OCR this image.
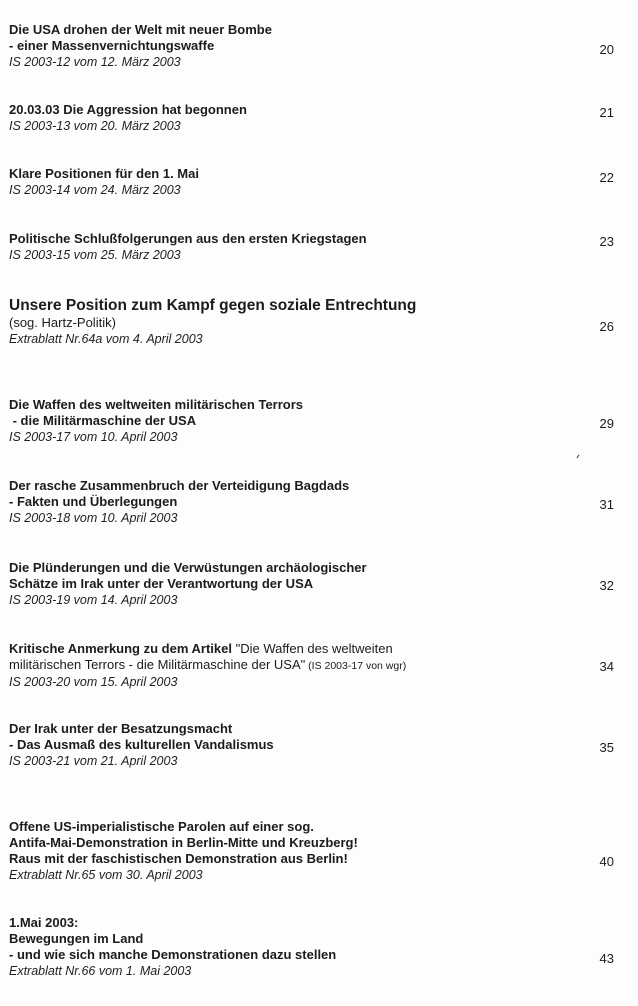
Die USA drohen der Welt mit neuer Bombe
- einer Massenvernichtungswaffe
IS 2003-12 vom 12. März 2003
20
20.03.03 Die Aggression hat begonnen
IS 2003-13 vom 20. März 2003
21
Klare Positionen für den 1. Mai
IS 2003-14 vom 24. März 2003
22
Politische Schlußfolgerungen aus den ersten Kriegstagen
IS 2003-15 vom 25. März 2003
23
Unsere Position zum Kampf gegen soziale Entrechtung
(sog. Hartz-Politik)
Extrablatt Nr.64a vom 4. April 2003
26
Die Waffen des weltweiten militärischen Terrors
- die Militärmaschine der USA
IS 2003-17 vom 10. April 2003
29
Der rasche Zusammenbruch der Verteidigung Bagdads
- Fakten und Überlegungen
IS 2003-18 vom 10. April 2003
31
Die Plünderungen und die Verwüstungen archäologischer
Schätze im Irak unter der Verantwortung der USA
IS 2003-19 vom 14. April 2003
32
Kritische Anmerkung zu dem Artikel "Die Waffen des weltweiten
militärischen Terrors - die Militärmaschine der USA" (IS 2003-17 von wgr)
IS 2003-20 vom 15. April 2003
34
Der Irak unter der Besatzungsmacht
- Das Ausmaß des kulturellen Vandalismus
IS 2003-21 vom 21. April 2003
35
Offene US-imperialistische Parolen auf einer sog.
Antifa-Mai-Demonstration in Berlin-Mitte und Kreuzberg!
Raus mit der faschistischen Demonstration aus Berlin!
Extrablatt Nr.65 vom 30. April 2003
40
1.Mai 2003:
Bewegungen im Land
- und wie sich manche Demonstrationen dazu stellen
Extrablatt Nr.66 vom 1. Mai 2003
43
